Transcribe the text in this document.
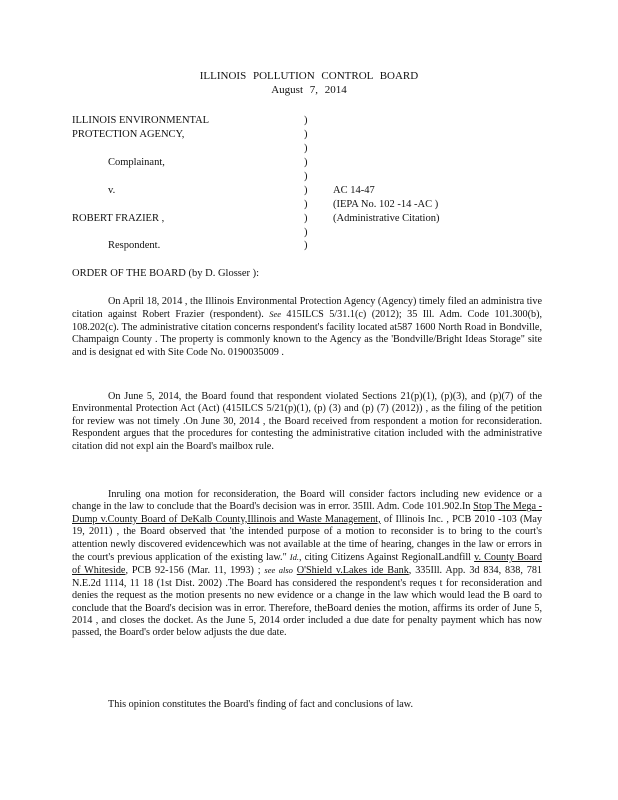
ILLINOIS POLLUTION CONTROL BOARD
August 7, 2014
ILLINOIS ENVIRONMENTAL
PROTECTION AGENCY,
Complainant,
v.
ROBERT FRAZIER ,
Respondent.
)
)
)
)
)
)
)
)
)
)
AC 14-47
(IEPA No. 102 -14 -AC )
(Administrative Citation)
ORDER OF THE BOARD (by D. Glosser ):
On April 18, 2014 , the Illinois Environmental Protection Agency (Agency) timely filed an administra tive citation against Robert Frazier (respondent). See 415ILCS 5/31.1(c) (2012); 35 Ill. Adm. Code 101.300(b), 108.202(c). The administrative citation concerns respondent's facility located at587 1600 North Road in Bondville, Champaign County . The property is commonly known to the Agency as the 'Bondville/Bright Ideas Storage" site and is designat ed with Site Code No. 0190035009 .
On June 5, 2014, the Board found that respondent violated Sections 21(p)(1), (p)(3), and (p)(7) of the Environmental Protection Act (Act) (415ILCS 5/21(p)(1), (p) (3) and (p) (7) (2012)) , as the filing of the petition for review was not timely .On June 30, 2014 , the Board received from respondent a motion for reconsideration. Respondent argues that the procedures for contesting the administrative citation included with the administrative citation did not expl ain the Board's mailbox rule.
Inruling ona motion for reconsideration, the Board will consider factors including new evidence or a change in the law to conclude that the Board's decision was in error. 35Ill. Adm. Code 101.902.In Stop The Mega -Dump v.County Board of DeKalb County,Illinois and Waste Management, of Illinois Inc. , PCB 2010 -103 (May 19, 2011) , the Board observed that 'the intended purpose of a motion to reconsider is to bring to the court's attention newly discovered evidencewhich was not available at the time of hearing, changes in the law or errors in the court's previous application of the existing law." Id., citing Citizens Against RegionalLandfill v. County Board of Whiteside, PCB 92-156 (Mar. 11, 1993) ; see also O'Shield v.Lakes ide Bank, 335Ill. App. 3d 834, 838, 781 N.E.2d 1114, 11 18 (1st Dist. 2002) .The Board has considered the respondent's reques t for reconsideration and denies the request as the motion presents no new evidence or a change in the law which would lead the B oard to conclude that the Board's decision was in error. Therefore, theBoard denies the motion, affirms its order of June 5, 2014 , and closes the docket. As the June 5, 2014 order included a due date for penalty payment which has now passed, the Board's order below adjusts the due date.
This opinion constitutes the Board's finding of fact and conclusions of law.
